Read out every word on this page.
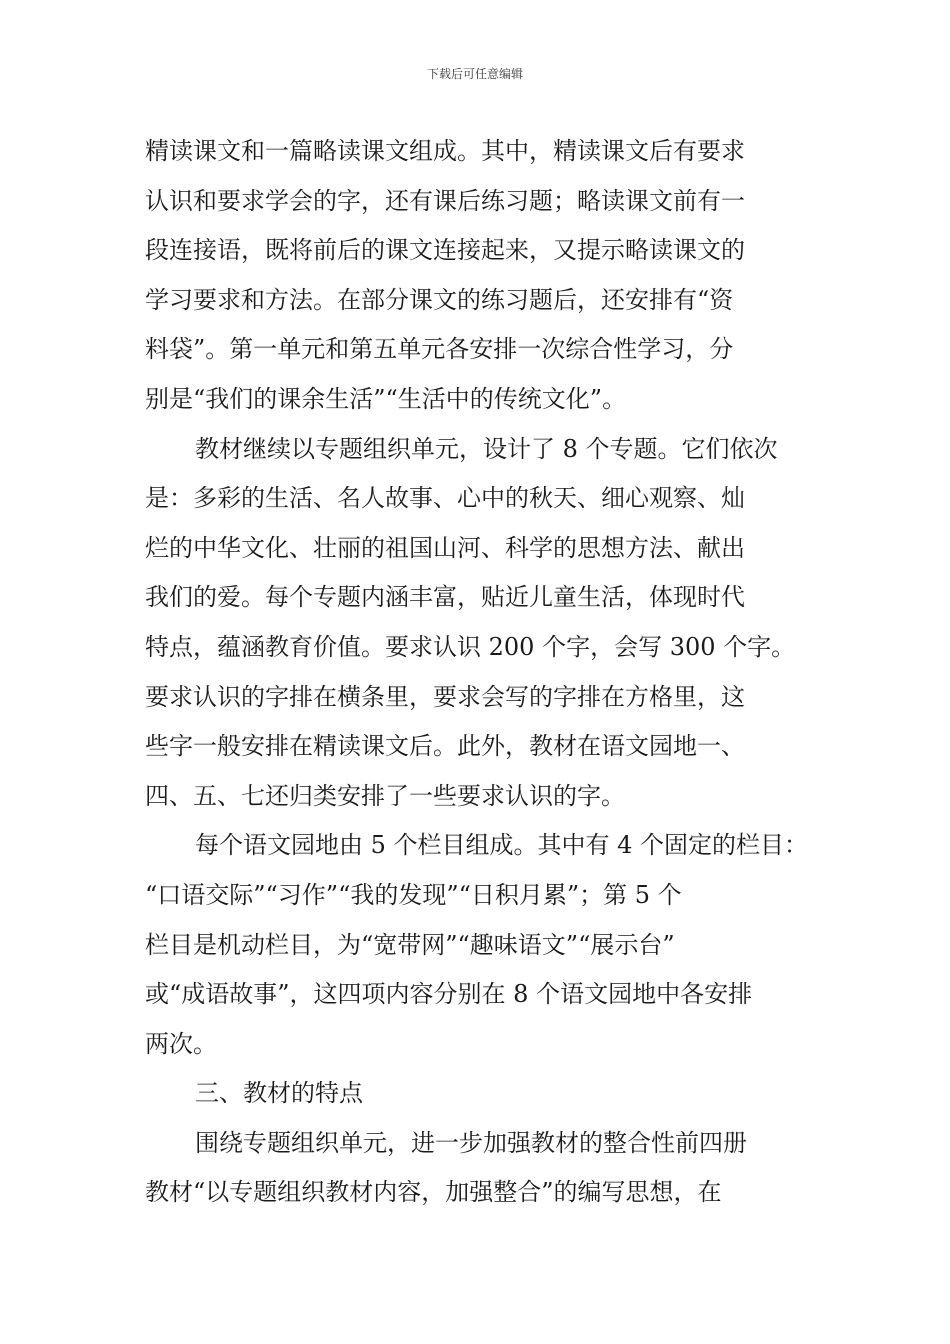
下载后可任意编辑
精读课文和一篇略读课文组成。其中，精读课文后有要求
认识和要求学会的字，还有课后练习题；略读课文前有一
段连接语，既将前后的课文连接起来，又提示略读课文的
学习要求和方法。在部分课文的练习题后，还安排有“资
料袋”。第一单元和第五单元各安排一次综合性学习，分
别是“我们的课余生活”“生活中的传统文化”。
教材继续以专题组织单元，设计了 8 个专题。它们依次
是：多彩的生活、名人故事、心中的秋天、细心观察、灿
烂的中华文化、壮丽的祖国山河、科学的思想方法、献出
我们的爱。每个专题内涵丰富，贴近儿童生活，体现时代
特点，蕴涵教育价值。要求认识 200 个字，会写 300 个字。
要求认识的字排在横条里，要求会写的字排在方格里，这
些字一般安排在精读课文后。此外，教材在语文园地一、
四、五、七还归类安排了一些要求认识的字。
每个语文园地由 5 个栏目组成。其中有 4 个固定的栏目：
“口语交际”“习作”“我的发现”“日积月累”；第 5 个
栏目是机动栏目，为“宽带网”“趣味语文”“展示台”
或“成语故事”，这四项内容分别在 8 个语文园地中各安排
两次。
三、教材的特点
围绕专题组织单元，进一步加强教材的整合性前四册
教材“以专题组织教材内容，加强整合”的编写思想，在
